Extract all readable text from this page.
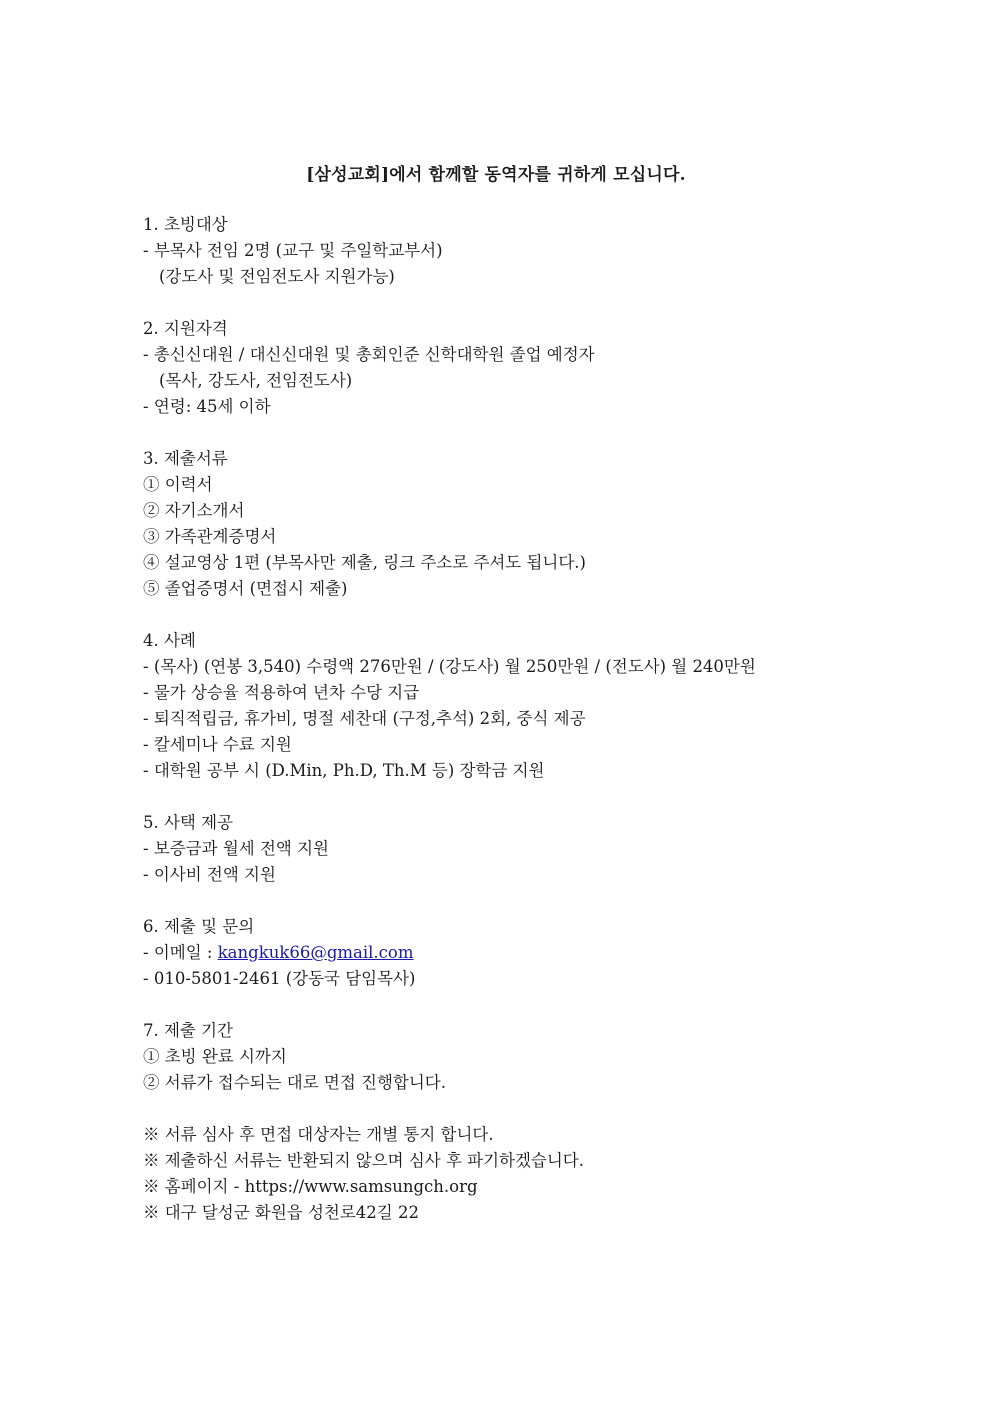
[삼성교회]에서 함께할 동역자를 귀하게 모십니다.
1. 초빙대상
- 부목사 전임 2명 (교구 및 주일학교부서)
(강도사 및 전임전도사 지원가능)
2. 지원자격
- 총신신대원 / 대신신대원 및 총회인준 신학대학원 졸업 예정자
(목사, 강도사, 전임전도사)
- 연령: 45세 이하
3. 제출서류
① 이력서
② 자기소개서
③ 가족관계증명서
④ 설교영상 1편 (부목사만 제출, 링크 주소로 주셔도 됩니다.)
⑤ 졸업증명서 (면접시 제출)
4. 사례
- (목사) (연봉 3,540) 수령액 276만원 / (강도사) 월 250만원 / (전도사) 월 240만원
- 물가 상승율 적용하여 년차 수당 지급
- 퇴직적립금, 휴가비, 명절 세찬대 (구정,추석) 2회, 중식 제공
- 칼세미나 수료 지원
- 대학원 공부 시 (D.Min, Ph.D, Th.M 등) 장학금 지원
5. 사택 제공
- 보증금과 월세 전액 지원
- 이사비 전액 지원
6. 제출 및 문의
- 이메일 : kangkuk66@gmail.com
- 010-5801-2461 (강동국 담임목사)
7. 제출 기간
① 초빙 완료 시까지
② 서류가 접수되는 대로 면접 진행합니다.
※ 서류 심사 후 면접 대상자는 개별 통지 합니다.
※ 제출하신 서류는 반환되지 않으며 심사 후 파기하겠습니다.
※ 홈페이지 - https://www.samsungch.org
※ 대구 달성군 화원읍 성천로42길 22
